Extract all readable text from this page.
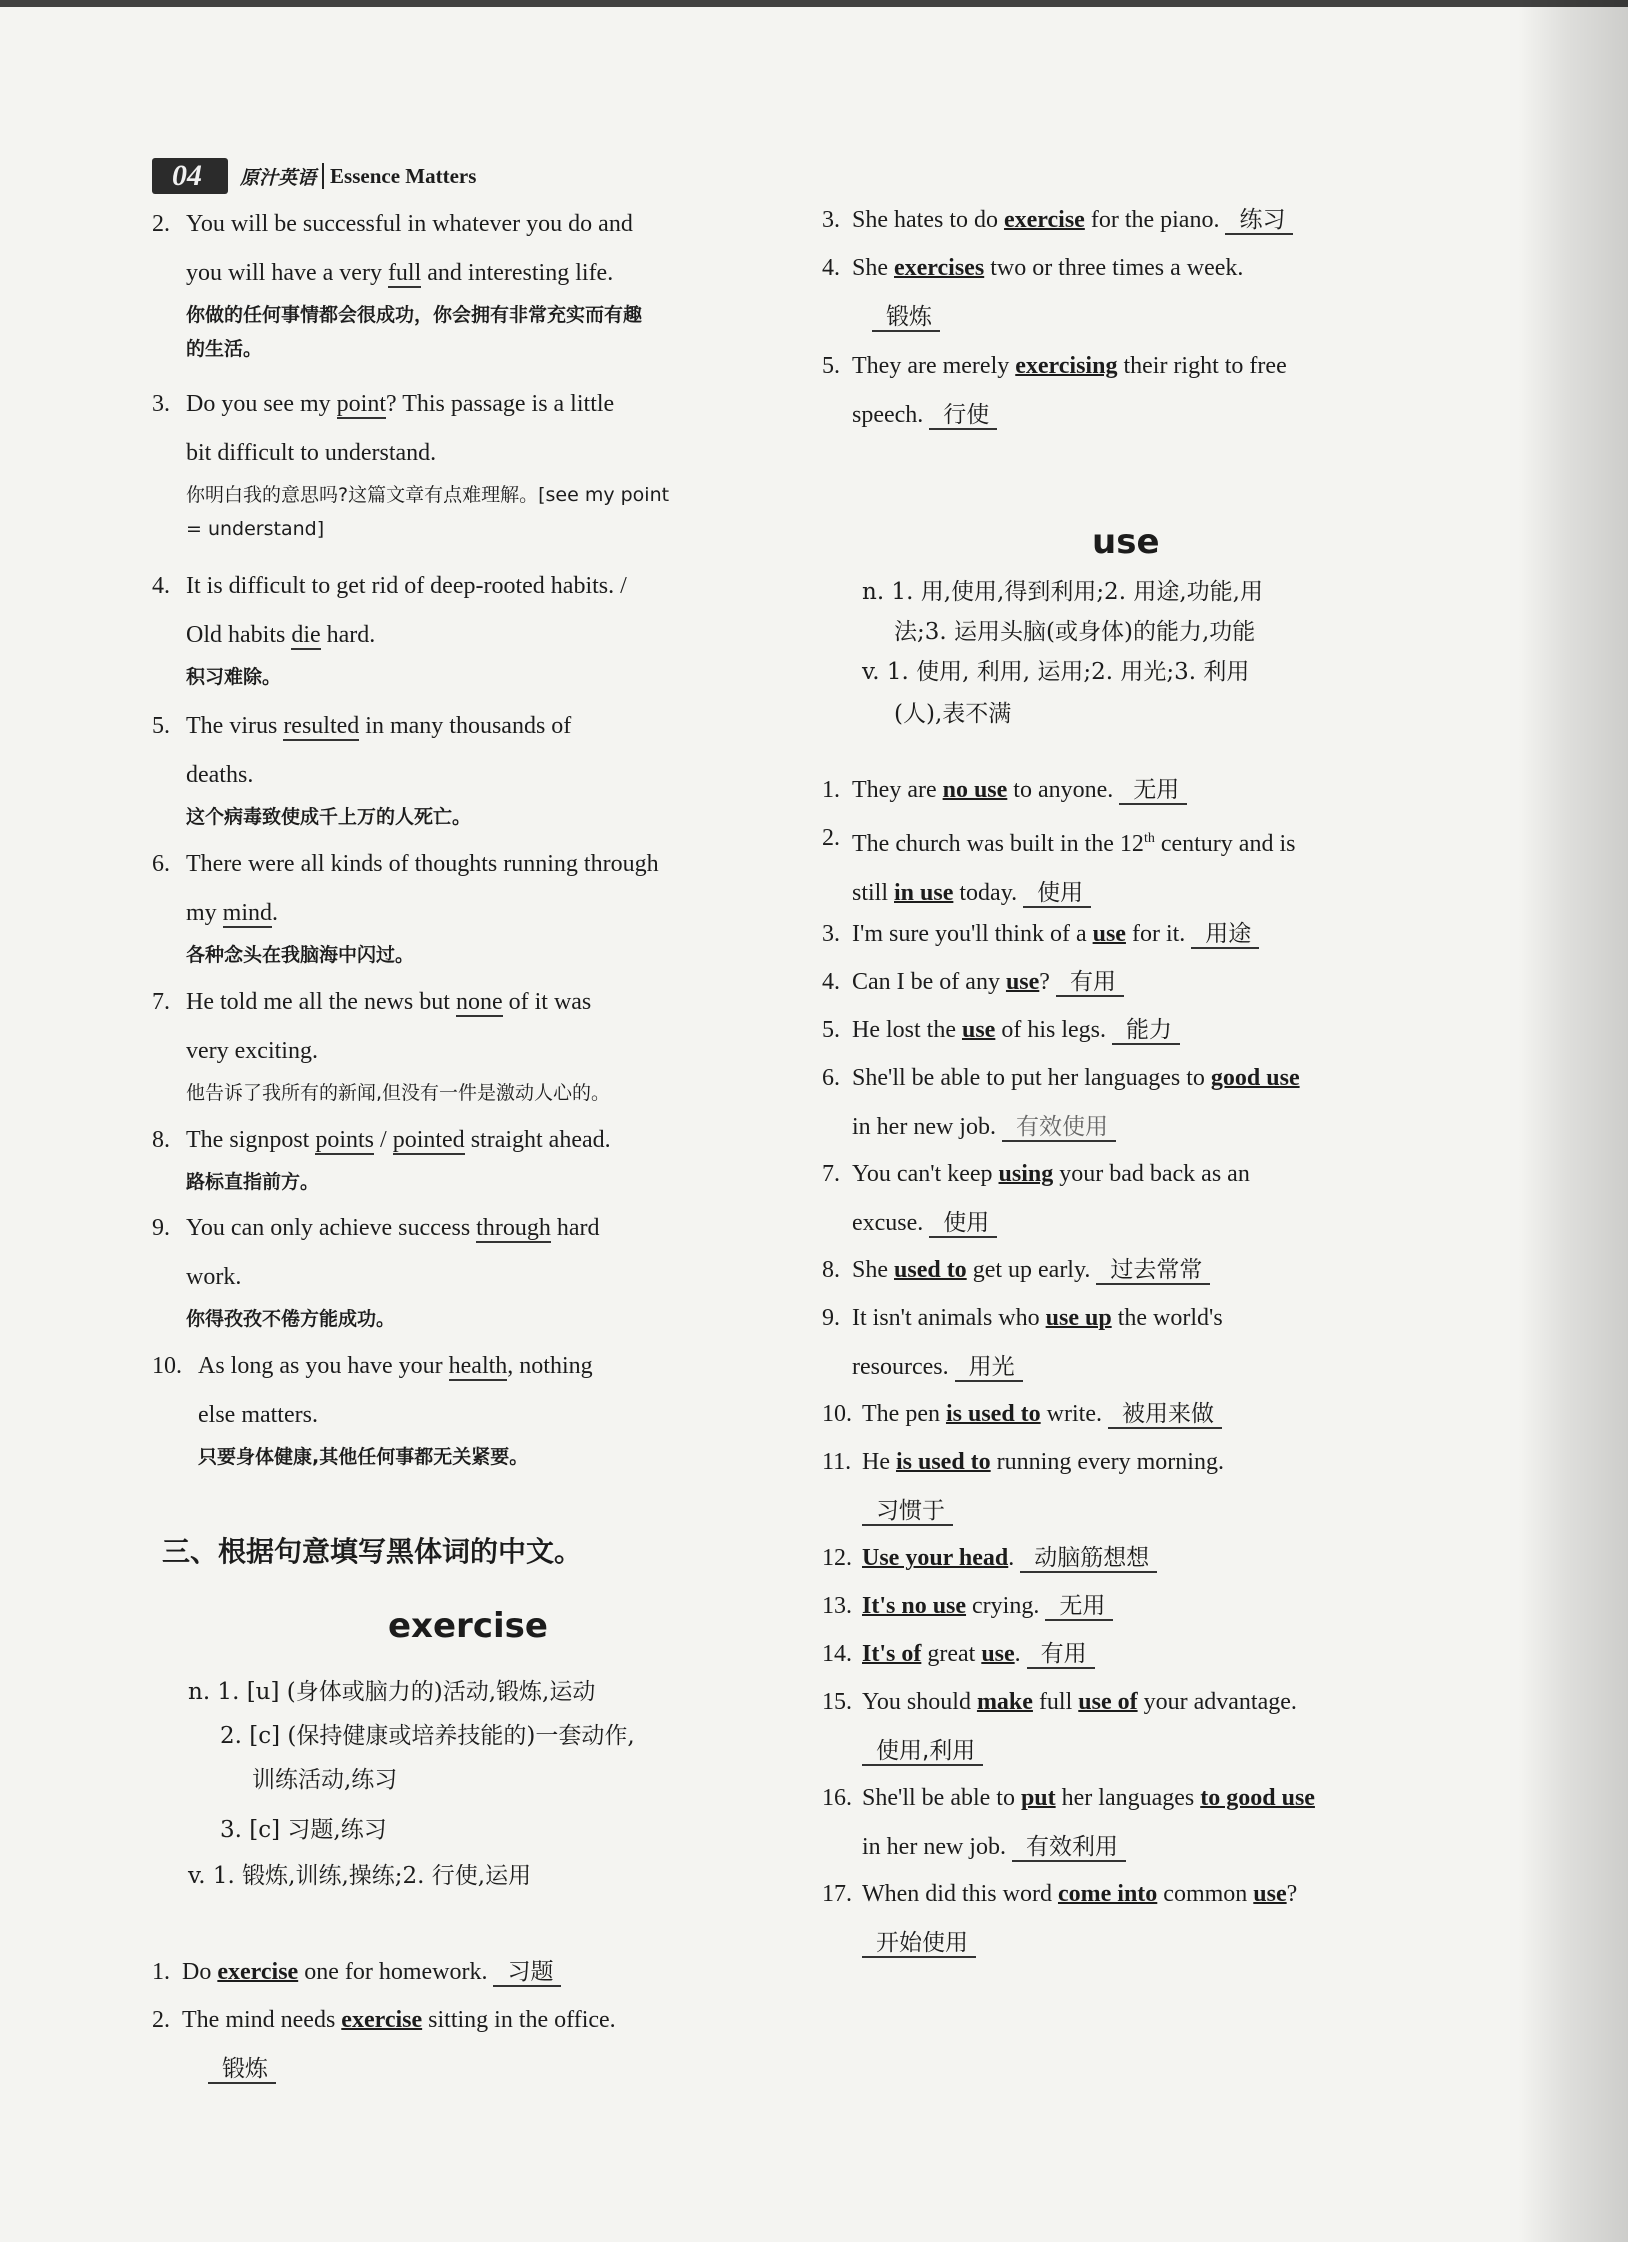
04	原汁英语 Essence Matters
2. You will be successful in whatever you do and
you will have a very full and interesting life.
你做的任何事情都会很成功，你会拥有非常充实而有趣
的生活。
3. Do you see my point? This passage is a little
bit difficult to understand.
你明白我的意思吗?这篇文章有点难理解。[see my point
= understand]
4. It is difficult to get rid of deep-rooted habits. /
Old habits die hard.
积习难除。
5. The virus resulted in many thousands of
deaths.
这个病毒致使成千上万的人死亡。
6. There were all kinds of thoughts running through
my mind.
各种念头在我脑海中闪过。
7. He told me all the news but none of it was
very exciting.
他告诉了我所有的新闻,但没有一件是激动人心的。
8. The signpost points / pointed straight ahead.
路标直指前方。
9. You can only achieve success through hard
work.
你得孜孜不倦方能成功。
10. As long as you have your health, nothing
else matters.
只要身体健康,其他任何事都无关紧要。
三、根据句意填写黑体词的中文。
exercise
n. 1. [u] (身体或脑力的)活动,锻炼,运动
2. [c] (保持健康或培养技能的)一套动作,
训练活动,练习
3. [c] 习题,练习
v. 1. 锻炼,训练,操练;2. 行使,运用
1. Do exercise one for homework. 习题
2. The mind needs exercise sitting in the office.
锻炼
3. She hates to do exercise for the piano. 练习
4. She exercises two or three times a week.
锻炼
5. They are merely exercising their right to free
speech. 行使
use
n. 1. 用,使用,得到利用;2. 用途,功能,用
法;3. 运用头脑(或身体)的能力,功能
v. 1. 使用, 利用, 运用;2. 用光;3. 利用
(人),表不满
1. They are no use to anyone. 无用
2. The church was built in the 12th century and is
still in use today. 使用
3. I'm sure you'll think of a use for it. 用途
4. Can I be of any use? 有用
5. He lost the use of his legs. 能力
6. She'll be able to put her languages to good use
in her new job. 有效使用
7. You can't keep using your bad back as an
excuse. 使用
8. She used to get up early. 过去常常
9. It isn't animals who use up the world's
resources. 用光
10. The pen is used to write. 被用来做
11. He is used to running every morning.
习惯于
12. Use your head. 动脑筋想想
13. It's no use crying. 无用
14. It's of great use. 有用
15. You should make full use of your advantage.
使用,利用
16. She'll be able to put her languages to good use
in her new job. 有效利用
17. When did this word come into common use?
开始使用
